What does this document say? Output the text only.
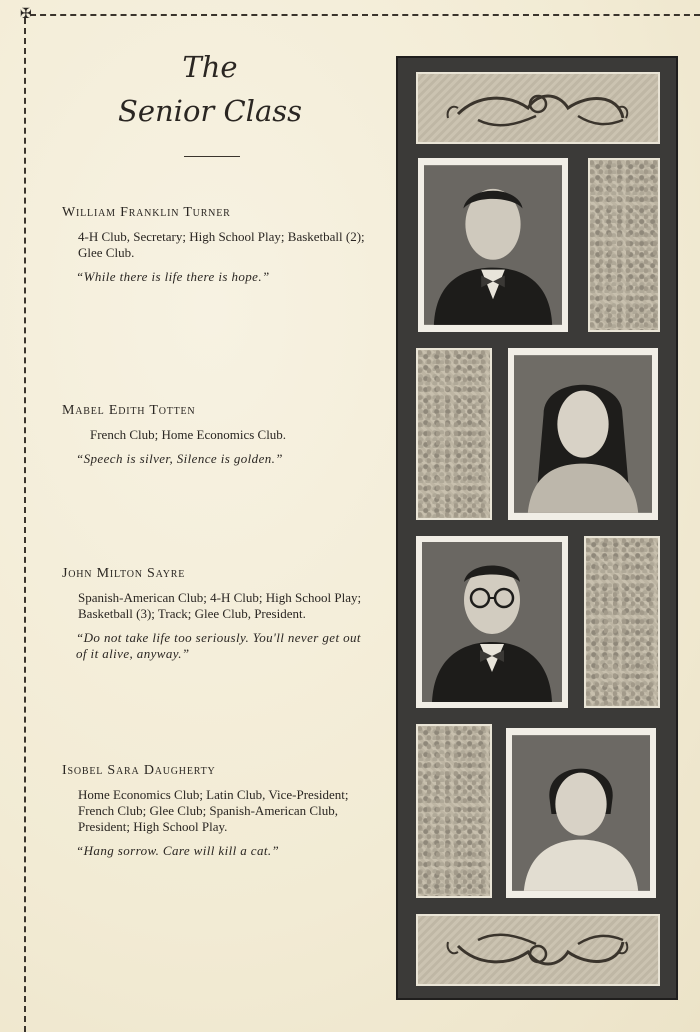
✠
The
Senior Class
William Franklin Turner
4-H Club, Secretary; High School Play; Basketball (2); Glee Club.
“While there is life there is hope.”
Mabel Edith Totten
French Club; Home Economics Club.
“Speech is silver, Silence is golden.”
John Milton Sayre
Spanish-American Club; 4-H Club; High School Play; Basketball (3); Track; Glee Club, President.
“Do not take life too seriously. You'll never get out of it alive, anyway.”
Isobel Sara Daugherty
Home Economics Club; Latin Club, Vice-President; French Club; Glee Club; Spanish-American Club, President; High School Play.
“Hang sorrow. Care will kill a cat.”
